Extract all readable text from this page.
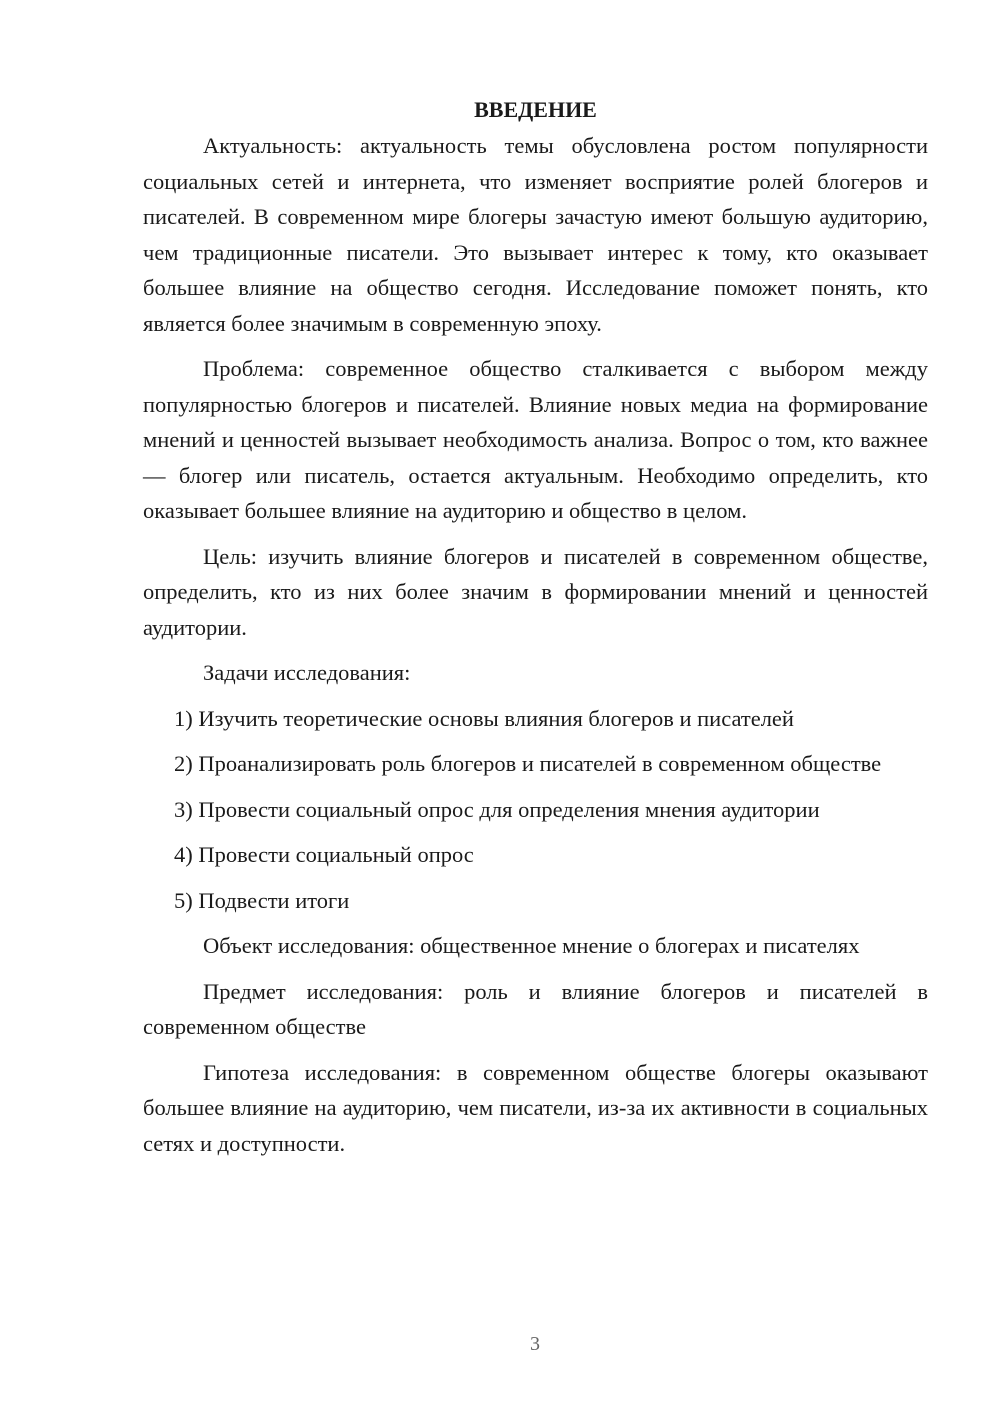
ВВЕДЕНИЕ

Актуальность: актуальность темы обусловлена ростом популярности социальных сетей и интернета, что изменяет восприятие ролей блогеров и писателей. В современном мире блогеры зачастую имеют большую аудиторию, чем традиционные писатели. Это вызывает интерес к тому, кто оказывает большее влияние на общество сегодня. Исследование поможет понять, кто является более значимым в современную эпоху.

Проблема: современное общество сталкивается с выбором между популярностью блогеров и писателей. Влияние новых медиа на формирование мнений и ценностей вызывает необходимость анализа. Вопрос о том, кто важнее — блогер или писатель, остается актуальным. Необходимо определить, кто оказывает большее влияние на аудиторию и общество в целом.

Цель: изучить влияние блогеров и писателей в современном обществе, определить, кто из них более значим в формировании мнений и ценностей аудитории.

Задачи исследования:

1) Изучить теоретические основы влияния блогеров и писателей

2) Проанализировать роль блогеров и писателей в современном обществе

3) Провести социальный опрос для определения мнения аудитории

4) Провести социальный опрос

5) Подвести итоги

Объект исследования: общественное мнение о блогерах и писателях

Предмет исследования: роль и влияние блогеров и писателей в современном обществе

Гипотеза исследования: в современном обществе блогеры оказывают большее влияние на аудиторию, чем писатели, из-за их активности в социальных сетях и доступности.

3
